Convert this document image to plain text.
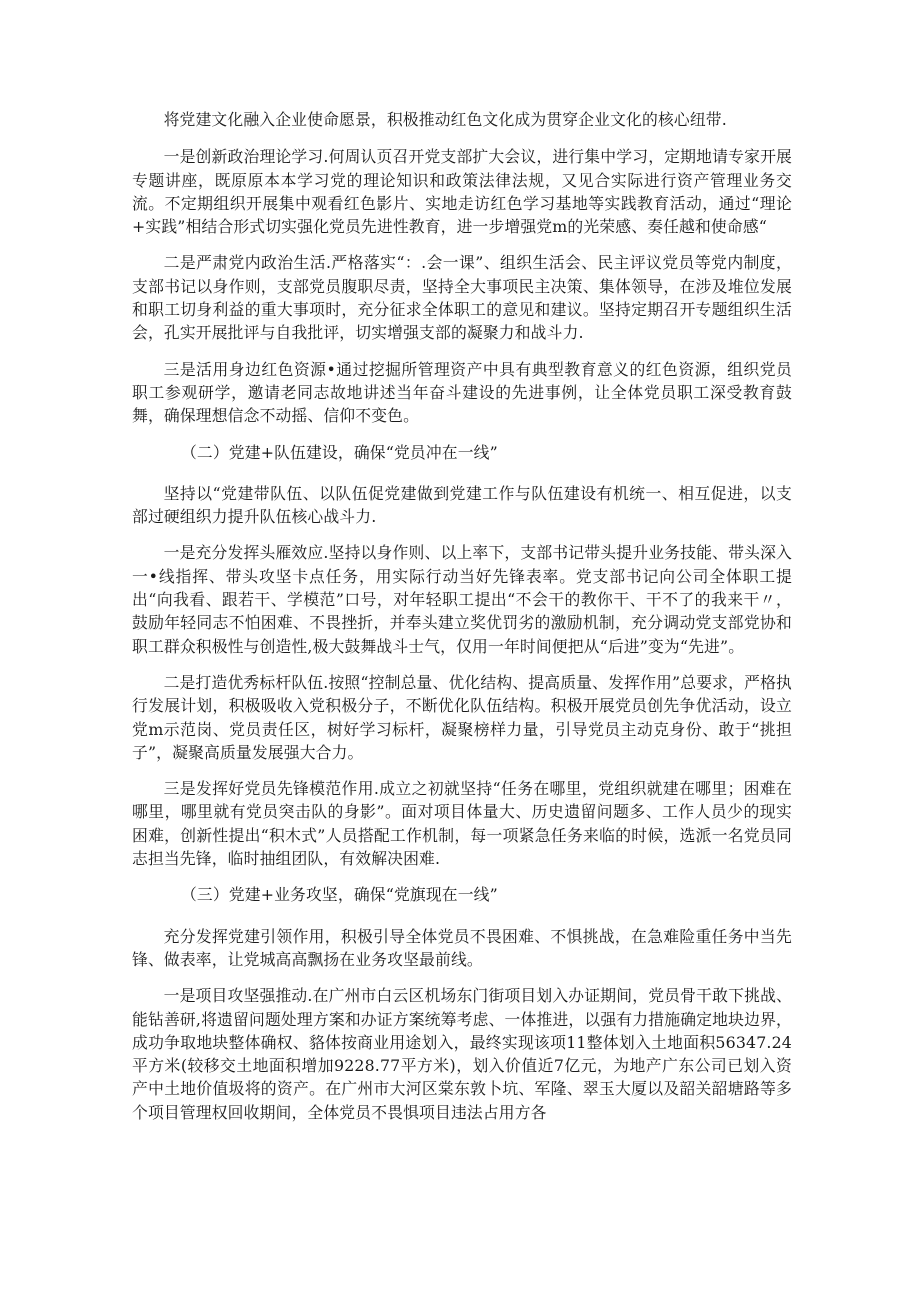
将党建文化融入企业使命愿景，积极推动红色文化成为贯穿企业文化的核心纽带.

一是创新政治理论学习.何周认页召开党支部扩大会议，进行集中学习，定期地请专家开展专题讲座，既原原本本学习党的理论知识和政策法律法规，又见合实际进行资产管理业务交流。不定期组织开展集中观看红色影片、实地走访红色学习基地等实践教育活动，通过“理论+实践”相结合形式切实强化党员先进性教育，进一步增强党m的光荣感、奏任越和使命感“

二是严肃党内政治生活.严格落实“：.会一课”、组织生活会、民主评议党员等党内制度，支部书记以身作则，支部党员腹职尽责，坚持全大事项民主决策、集体领导，在涉及堆位发展和职工切身利益的重大事项时，充分征求全体职工的意见和建议。坚持定期召开专题组织生活会，孔实开展批评与自我批评，切实增强支部的凝聚力和战斗力.

三是活用身边红色资源•通过挖掘所管理资产中具有典型教育意义的红色资源，组织党员职工参观研学，邀请老同志故地讲述当年奋斗建设的先进事例，让全体党员职工深受教育鼓舞，确保理想信念不动摇、信仰不变色。

（二）党建+队伍建设，确保“党员冲在一线”

坚持以“党建带队伍、以队伍促党建做到党建工作与队伍建设有机统一、相互促进，以支部过硬组织力提升队伍核心战斗力.

一是充分发挥头雁效应.坚持以身作则、以上率下，支部书记带头提升业务技能、带头深入一•线指挥、带头攻坚卡点任务，用实际行动当好先锋表率。党支部书记向公司全体职工提出“向我看、跟若干、学模范”口号，对年轻职工提出“不会干的教你干、干不了的我来干〃，鼓励年轻同志不怕困难、不畏挫折，并奉头建立奖优罚劣的激励机制，充分调动党支部党协和职工群众积极性与创造性,极大鼓舞战斗士气，仅用一年时间便把从“后进”变为“先进”。

二是打造优秀标杆队伍.按照“控制总量、优化结构、提高质量、发挥作用”总要求，严格执行发展计划，积极吸收入党积极分子，不断优化队伍结构。积极开展党员创先争优活动，设立党m示范岗、党员责任区，树好学习标杆，凝聚榜样力量，引导党员主动克身份、敢于“挑担子”，凝聚高质量发展强大合力。

三是发挥好党员先锋模范作用.成立之初就坚持“任务在哪里，党组织就建在哪里；困难在哪里，哪里就有党员突击队的身影”。面对项目体量大、历史遗留问题多、工作人员少的现实困难，创新性提出“积木式”人员搭配工作机制，每一项紧急任务来临的时候，选派一名党员同志担当先锋，临时抽组团队，有效解决困难.

（三）党建+业务攻坚，确保“党旗现在一线”

充分发挥党建引领作用，积极引导全体党员不畏困难、不惧挑战，在急难险重任务中当先锋、做表率，让党城高高飘扬在业务攻坚最前线。

一是项目攻坚强推动.在广州市白云区机场东门街项目划入办证期间，党员骨干敢下挑战、能钻善研,将遗留问题处理方案和办证方案统筹考虑、一体推进，以强有力措施确定地块边界，成功争取地块整体确权、貉体按商业用途划入，最终实现该项11整体划入土地面积56347.24平方米(较移交土地面积增加9228.77平方米)，划入价值近7亿元，为地产广东公司已划入资产中土地价值圾将的资产。在广州市大河区棠东敦卜坑、军隆、翠玉大厦以及韶关韶塘路等多个项目管理权回收期间，全体党员不畏惧项目违法占用方各
